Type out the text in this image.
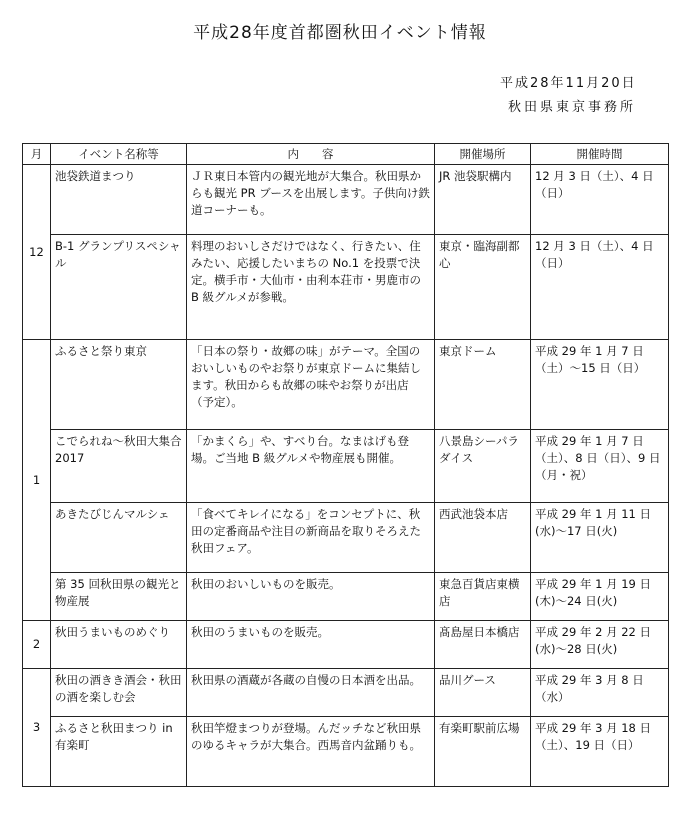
平成28年度首都圏秋田イベント情報
平成28年11月20日
秋田県東京事務所
月	イベント名称等	内　　容	開催場所	開催時間
12	池袋鉄道まつり	ＪＲ東日本管内の観光地が大集合。秋田県からも観光 PR ブースを出展します。子供向け鉄道コーナーも。	JR 池袋駅構内	12 月 3 日（土）、4 日（日）
	B-1 グランプリスペシャル	料理のおいしさだけではなく、行きたい、住みたい、応援したいまちの No.1 を投票で決定。横手市・大仙市・由利本荘市・男鹿市の B 級グルメが参戦。	東京・臨海副都心	12 月 3 日（土）、4 日（日）
1	ふるさと祭り東京	「日本の祭り・故郷の味」がテーマ。全国のおいしいものやお祭りが東京ドームに集結します。秋田からも故郷の味やお祭りが出店（予定）。	東京ドーム	平成 29 年 1 月 7 日（土）～15 日（日）
	こでられね～秋田大集合 2017	「かまくら」や、すべり台。なまはげも登場。ご当地 B 級グルメや物産展も開催。	八景島シーパラダイス	平成 29 年 1 月 7 日（土）、8 日（日）、9 日（月・祝）
	あきたびじんマルシェ	「食べてキレイになる」をコンセプトに、秋田の定番商品や注目の新商品を取りそろえた秋田フェア。	西武池袋本店	平成 29 年 1 月 11 日(水)～17 日(火)
	第 35 回秋田県の観光と物産展	秋田のおいしいものを販売。	東急百貨店東横店	平成 29 年 1 月 19 日(木)～24 日(火)
2	秋田うまいものめぐり	秋田のうまいものを販売。	髙島屋日本橋店	平成 29 年 2 月 22 日(水)～28 日(火)
3	秋田の酒きき酒会・秋田の酒を楽しむ会	秋田県の酒蔵が各蔵の自慢の日本酒を出品。	品川グース	平成 29 年 3 月 8 日（水）
	ふるさと秋田まつり in 有楽町	秋田竿燈まつりが登場。んだッチなど秋田県のゆるキャラが大集合。西馬音内盆踊りも。	有楽町駅前広場	平成 29 年 3 月 18 日（土）、19 日（日）
